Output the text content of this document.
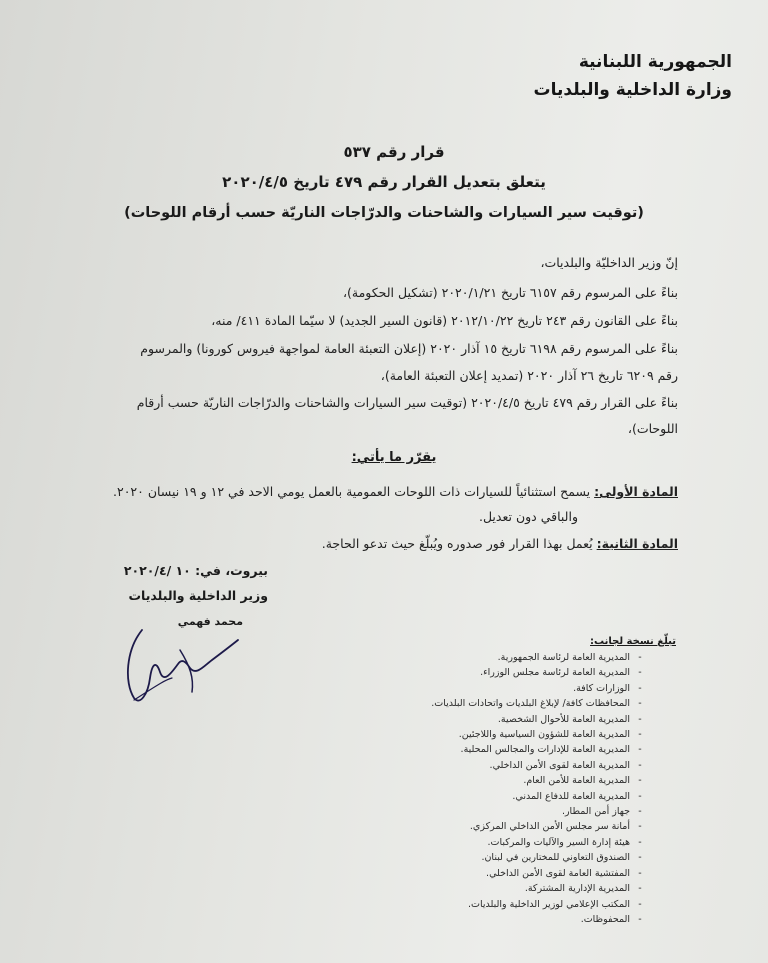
الجمهورية اللبنانية
وزارة الداخلية والبلديات
قرار رقم ٥٣٧
يتعلق بتعديل القرار رقم ٤٧٩ تاريخ ٢٠٢٠/٤/٥
(توقيت سير السيارات والشاحنات والدرّاجات الناريّة حسب أرقام اللوحات)
إنّ وزير الداخليّة والبلديات،
بناءً على المرسوم رقم ٦١٥٧ تاريخ ٢٠٢٠/١/٢١ (تشكيل الحكومة)،
بناءً على القانون رقم ٢٤٣ تاريخ ٢٠١٢/١٠/٢٢ (قانون السير الجديد) لا سيّما المادة ٤١١/ منه،
بناءً على المرسوم رقم ٦١٩٨ تاريخ ١٥ آذار ٢٠٢٠ (إعلان التعبئة العامة لمواجهة فيروس كورونا) والمرسوم
رقم ٦٢٠٩ تاريخ ٢٦ آذار ٢٠٢٠ (تمديد إعلان التعبئة العامة)،
بناءً على القرار رقم ٤٧٩ تاريخ ٢٠٢٠/٤/٥ (توقيت سير السيارات والشاحنات والدرّاجات الناريّة حسب أرقام
اللوحات)،
يقرّر ما يأتي:
المادة الأولى: يسمح استثنائياً للسيارات ذات اللوحات العمومية بالعمل يومي الاحد في ١٢ و ١٩ نيسان ٢٠٢٠.
والباقي دون تعديل.
المادة الثانية: يُعمل بهذا القرار فور صدوره ويُبلّغ حيث تدعو الحاجة.
بيروت، في: ١٠ /٢٠٢٠/٤
وزير الداخلية والبلديات
محمد فهمي
تبلّغ نسخة لجانب:
-المديرية العامة لرئاسة الجمهورية.
-المديرية العامة لرئاسة مجلس الوزراء.
-الوزارات كافة.
-المحافظات كافة/ لإبلاغ البلديات واتحادات البلديات.
-المديرية العامة للأحوال الشخصية.
-المديرية العامة للشؤون السياسية واللاجئين.
-المديرية العامة للإدارات والمجالس المحلية.
-المديرية العامة لقوى الأمن الداخلي.
-المديرية العامة للأمن العام.
-المديرية العامة للدفاع المدني.
-جهاز أمن المطار.
-أمانة سر مجلس الأمن الداخلي المركزي.
-هيئة إدارة السير والآليات والمركبات.
-الصندوق التعاوني للمختارين في لبنان.
-المفتشية العامة لقوى الأمن الداخلي.
-المديرية الإدارية المشتركة.
-المكتب الإعلامي لوزير الداخلية والبلديات.
-المحفوظات.
